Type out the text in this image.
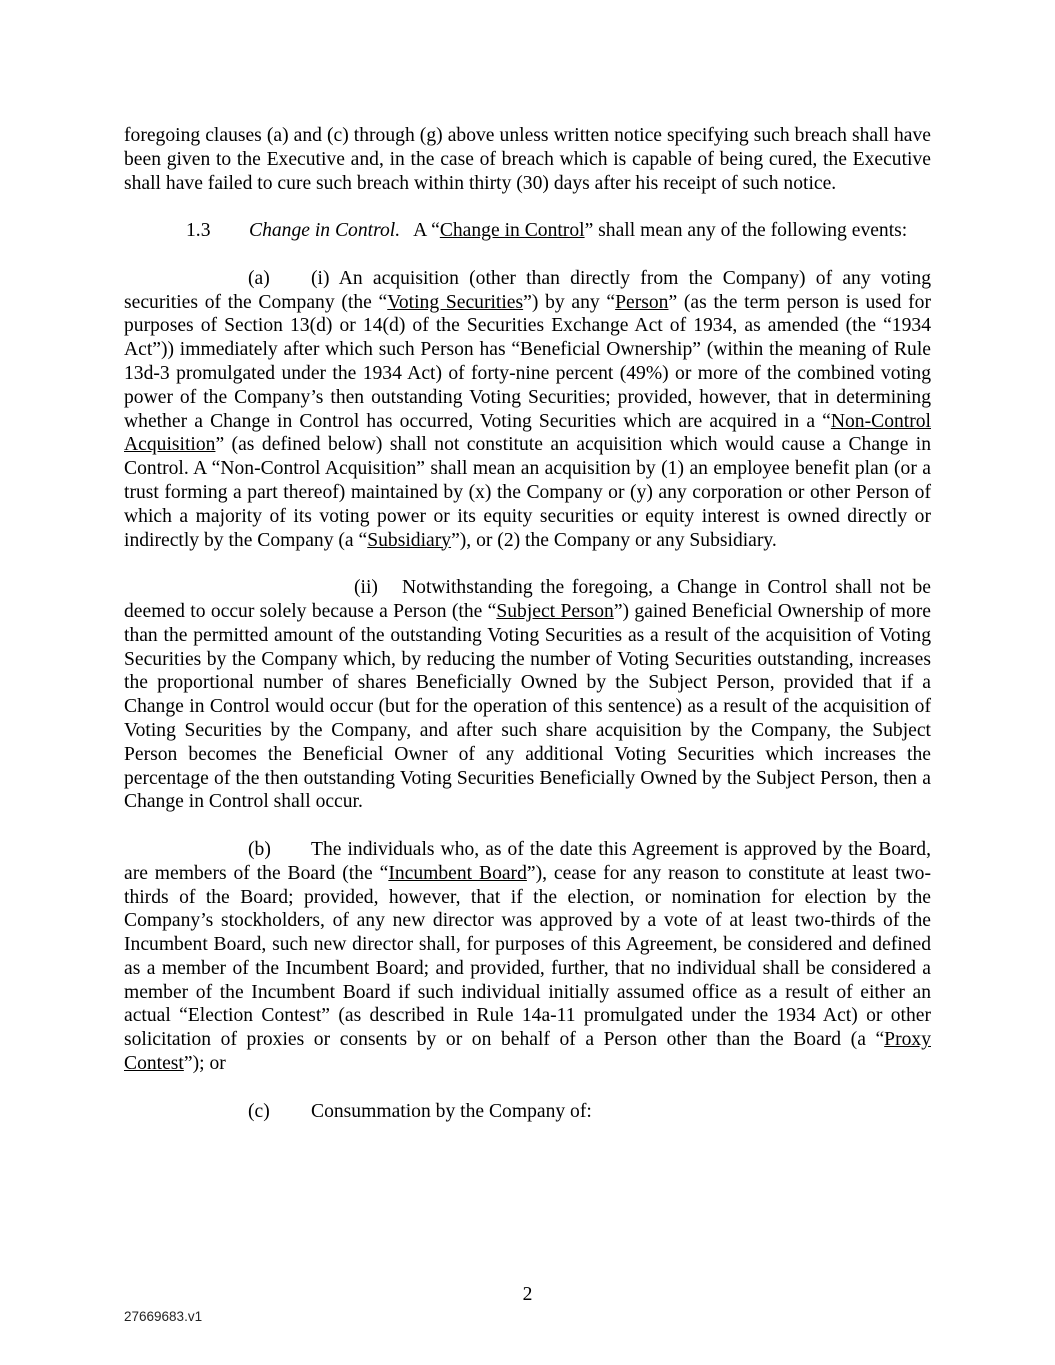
foregoing clauses (a) and (c) through (g) above unless written notice specifying such breach shall have been given to the Executive and, in the case of breach which is capable of being cured, the Executive shall have failed to cure such breach within thirty (30) days after his receipt of such notice.

1.3	Change in Control. A “Change in Control” shall mean any of the following events:

(a) (i) An acquisition (other than directly from the Company) of any voting securities of the Company (the “Voting Securities”) by any “Person” (as the term person is used for purposes of Section 13(d) or 14(d) of the Securities Exchange Act of 1934, as amended (the “1934 Act”)) immediately after which such Person has “Beneficial Ownership” (within the meaning of Rule 13d-3 promulgated under the 1934 Act) of forty-nine percent (49%) or more of the combined voting power of the Company’s then outstanding Voting Securities; provided, however, that in determining whether a Change in Control has occurred, Voting Securities which are acquired in a “Non-Control Acquisition” (as defined below) shall not constitute an acquisition which would cause a Change in Control. A “Non-Control Acquisition” shall mean an acquisition by (1) an employee benefit plan (or a trust forming a part thereof) maintained by (x) the Company or (y) any corporation or other Person of which a majority of its voting power or its equity securities or equity interest is owned directly or indirectly by the Company (a “Subsidiary”), or (2) the Company or any Subsidiary.

(ii) Notwithstanding the foregoing, a Change in Control shall not be deemed to occur solely because a Person (the “Subject Person”) gained Beneficial Ownership of more than the permitted amount of the outstanding Voting Securities as a result of the acquisition of Voting Securities by the Company which, by reducing the number of Voting Securities outstanding, increases the proportional number of shares Beneficially Owned by the Subject Person, provided that if a Change in Control would occur (but for the operation of this sentence) as a result of the acquisition of Voting Securities by the Company, and after such share acquisition by the Company, the Subject Person becomes the Beneficial Owner of any additional Voting Securities which increases the percentage of the then outstanding Voting Securities Beneficially Owned by the Subject Person, then a Change in Control shall occur.

(b) The individuals who, as of the date this Agreement is approved by the Board, are members of the Board (the “Incumbent Board”), cease for any reason to constitute at least two-thirds of the Board; provided, however, that if the election, or nomination for election by the Company’s stockholders, of any new director was approved by a vote of at least two-thirds of the Incumbent Board, such new director shall, for purposes of this Agreement, be considered and defined as a member of the Incumbent Board; and provided, further, that no individual shall be considered a member of the Incumbent Board if such individual initially assumed office as a result of either an actual “Election Contest” (as described in Rule 14a-11 promulgated under the 1934 Act) or other solicitation of proxies or consents by or on behalf of a Person other than the Board (a “Proxy Contest”); or

(c) Consummation by the Company of:

2
27669683.v1
